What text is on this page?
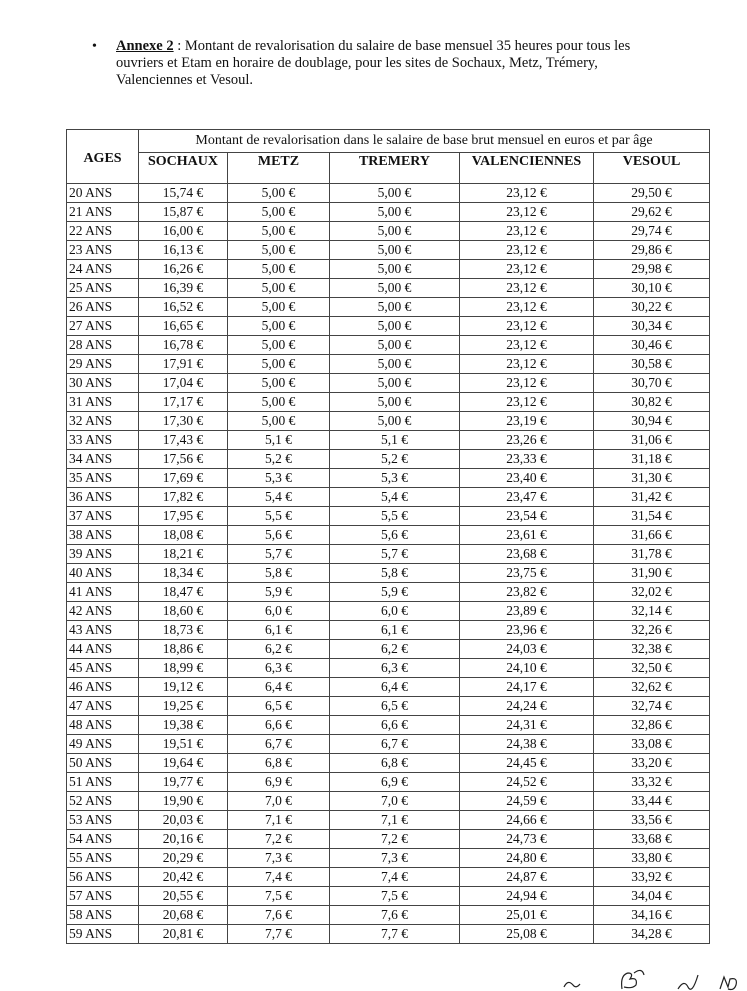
• Annexe 2 : Montant de revalorisation du salaire de base mensuel 35 heures pour tous les
ouvriers et Etam en horaire de doublage, pour les sites de Sochaux, Metz, Trémery,
Valenciennes et Vesoul.
AGES	Montant de revalorisation dans le salaire de base brut mensuel en euros et par âge				
	SOCHAUX	METZ	TREMERY	VALENCIENNES	VESOUL
20 ANS	15,74 €	5,00 €	5,00 €	23,12 €	29,50 €
21 ANS	15,87 €	5,00 €	5,00 €	23,12 €	29,62 €
22 ANS	16,00 €	5,00 €	5,00 €	23,12 €	29,74 €
23 ANS	16,13 €	5,00 €	5,00 €	23,12 €	29,86 €
24 ANS	16,26 €	5,00 €	5,00 €	23,12 €	29,98 €
25 ANS	16,39 €	5,00 €	5,00 €	23,12 €	30,10 €
26 ANS	16,52 €	5,00 €	5,00 €	23,12 €	30,22 €
27 ANS	16,65 €	5,00 €	5,00 €	23,12 €	30,34 €
28 ANS	16,78 €	5,00 €	5,00 €	23,12 €	30,46 €
29 ANS	17,91 €	5,00 €	5,00 €	23,12 €	30,58 €
30 ANS	17,04 €	5,00 €	5,00 €	23,12 €	30,70 €
31 ANS	17,17 €	5,00 €	5,00 €	23,12 €	30,82 €
32 ANS	17,30 €	5,00 €	5,00 €	23,19 €	30,94 €
33 ANS	17,43 €	5,1 €	5,1 €	23,26 €	31,06 €
34 ANS	17,56 €	5,2 €	5,2 €	23,33 €	31,18 €
35 ANS	17,69 €	5,3 €	5,3 €	23,40 €	31,30 €
36 ANS	17,82 €	5,4 €	5,4 €	23,47 €	31,42 €
37 ANS	17,95 €	5,5 €	5,5 €	23,54 €	31,54 €
38 ANS	18,08 €	5,6 €	5,6 €	23,61 €	31,66 €
39 ANS	18,21 €	5,7 €	5,7 €	23,68 €	31,78 €
40 ANS	18,34 €	5,8 €	5,8 €	23,75 €	31,90 €
41 ANS	18,47 €	5,9 €	5,9 €	23,82 €	32,02 €
42 ANS	18,60 €	6,0 €	6,0 €	23,89 €	32,14 €
43 ANS	18,73 €	6,1 €	6,1 €	23,96 €	32,26 €
44 ANS	18,86 €	6,2 €	6,2 €	24,03 €	32,38 €
45 ANS	18,99 €	6,3 €	6,3 €	24,10 €	32,50 €
46 ANS	19,12 €	6,4 €	6,4 €	24,17 €	32,62 €
47 ANS	19,25 €	6,5 €	6,5 €	24,24 €	32,74 €
48 ANS	19,38 €	6,6 €	6,6 €	24,31 €	32,86 €
49 ANS	19,51 €	6,7 €	6,7 €	24,38 €	33,08 €
50 ANS	19,64 €	6,8 €	6,8 €	24,45 €	33,20 €
51 ANS	19,77 €	6,9 €	6,9 €	24,52 €	33,32 €
52 ANS	19,90 €	7,0 €	7,0 €	24,59 €	33,44 €
53 ANS	20,03 €	7,1 €	7,1 €	24,66 €	33,56 €
54 ANS	20,16 €	7,2 €	7,2 €	24,73 €	33,68 €
55 ANS	20,29 €	7,3 €	7,3 €	24,80 €	33,80 €
56 ANS	20,42 €	7,4 €	7,4 €	24,87 €	33,92 €
57 ANS	20,55 €	7,5 €	7,5 €	24,94 €	34,04 €
58 ANS	20,68 €	7,6 €	7,6 €	25,01 €	34,16 €
59 ANS	20,81 €	7,7 €	7,7 €	25,08 €	34,28 €
